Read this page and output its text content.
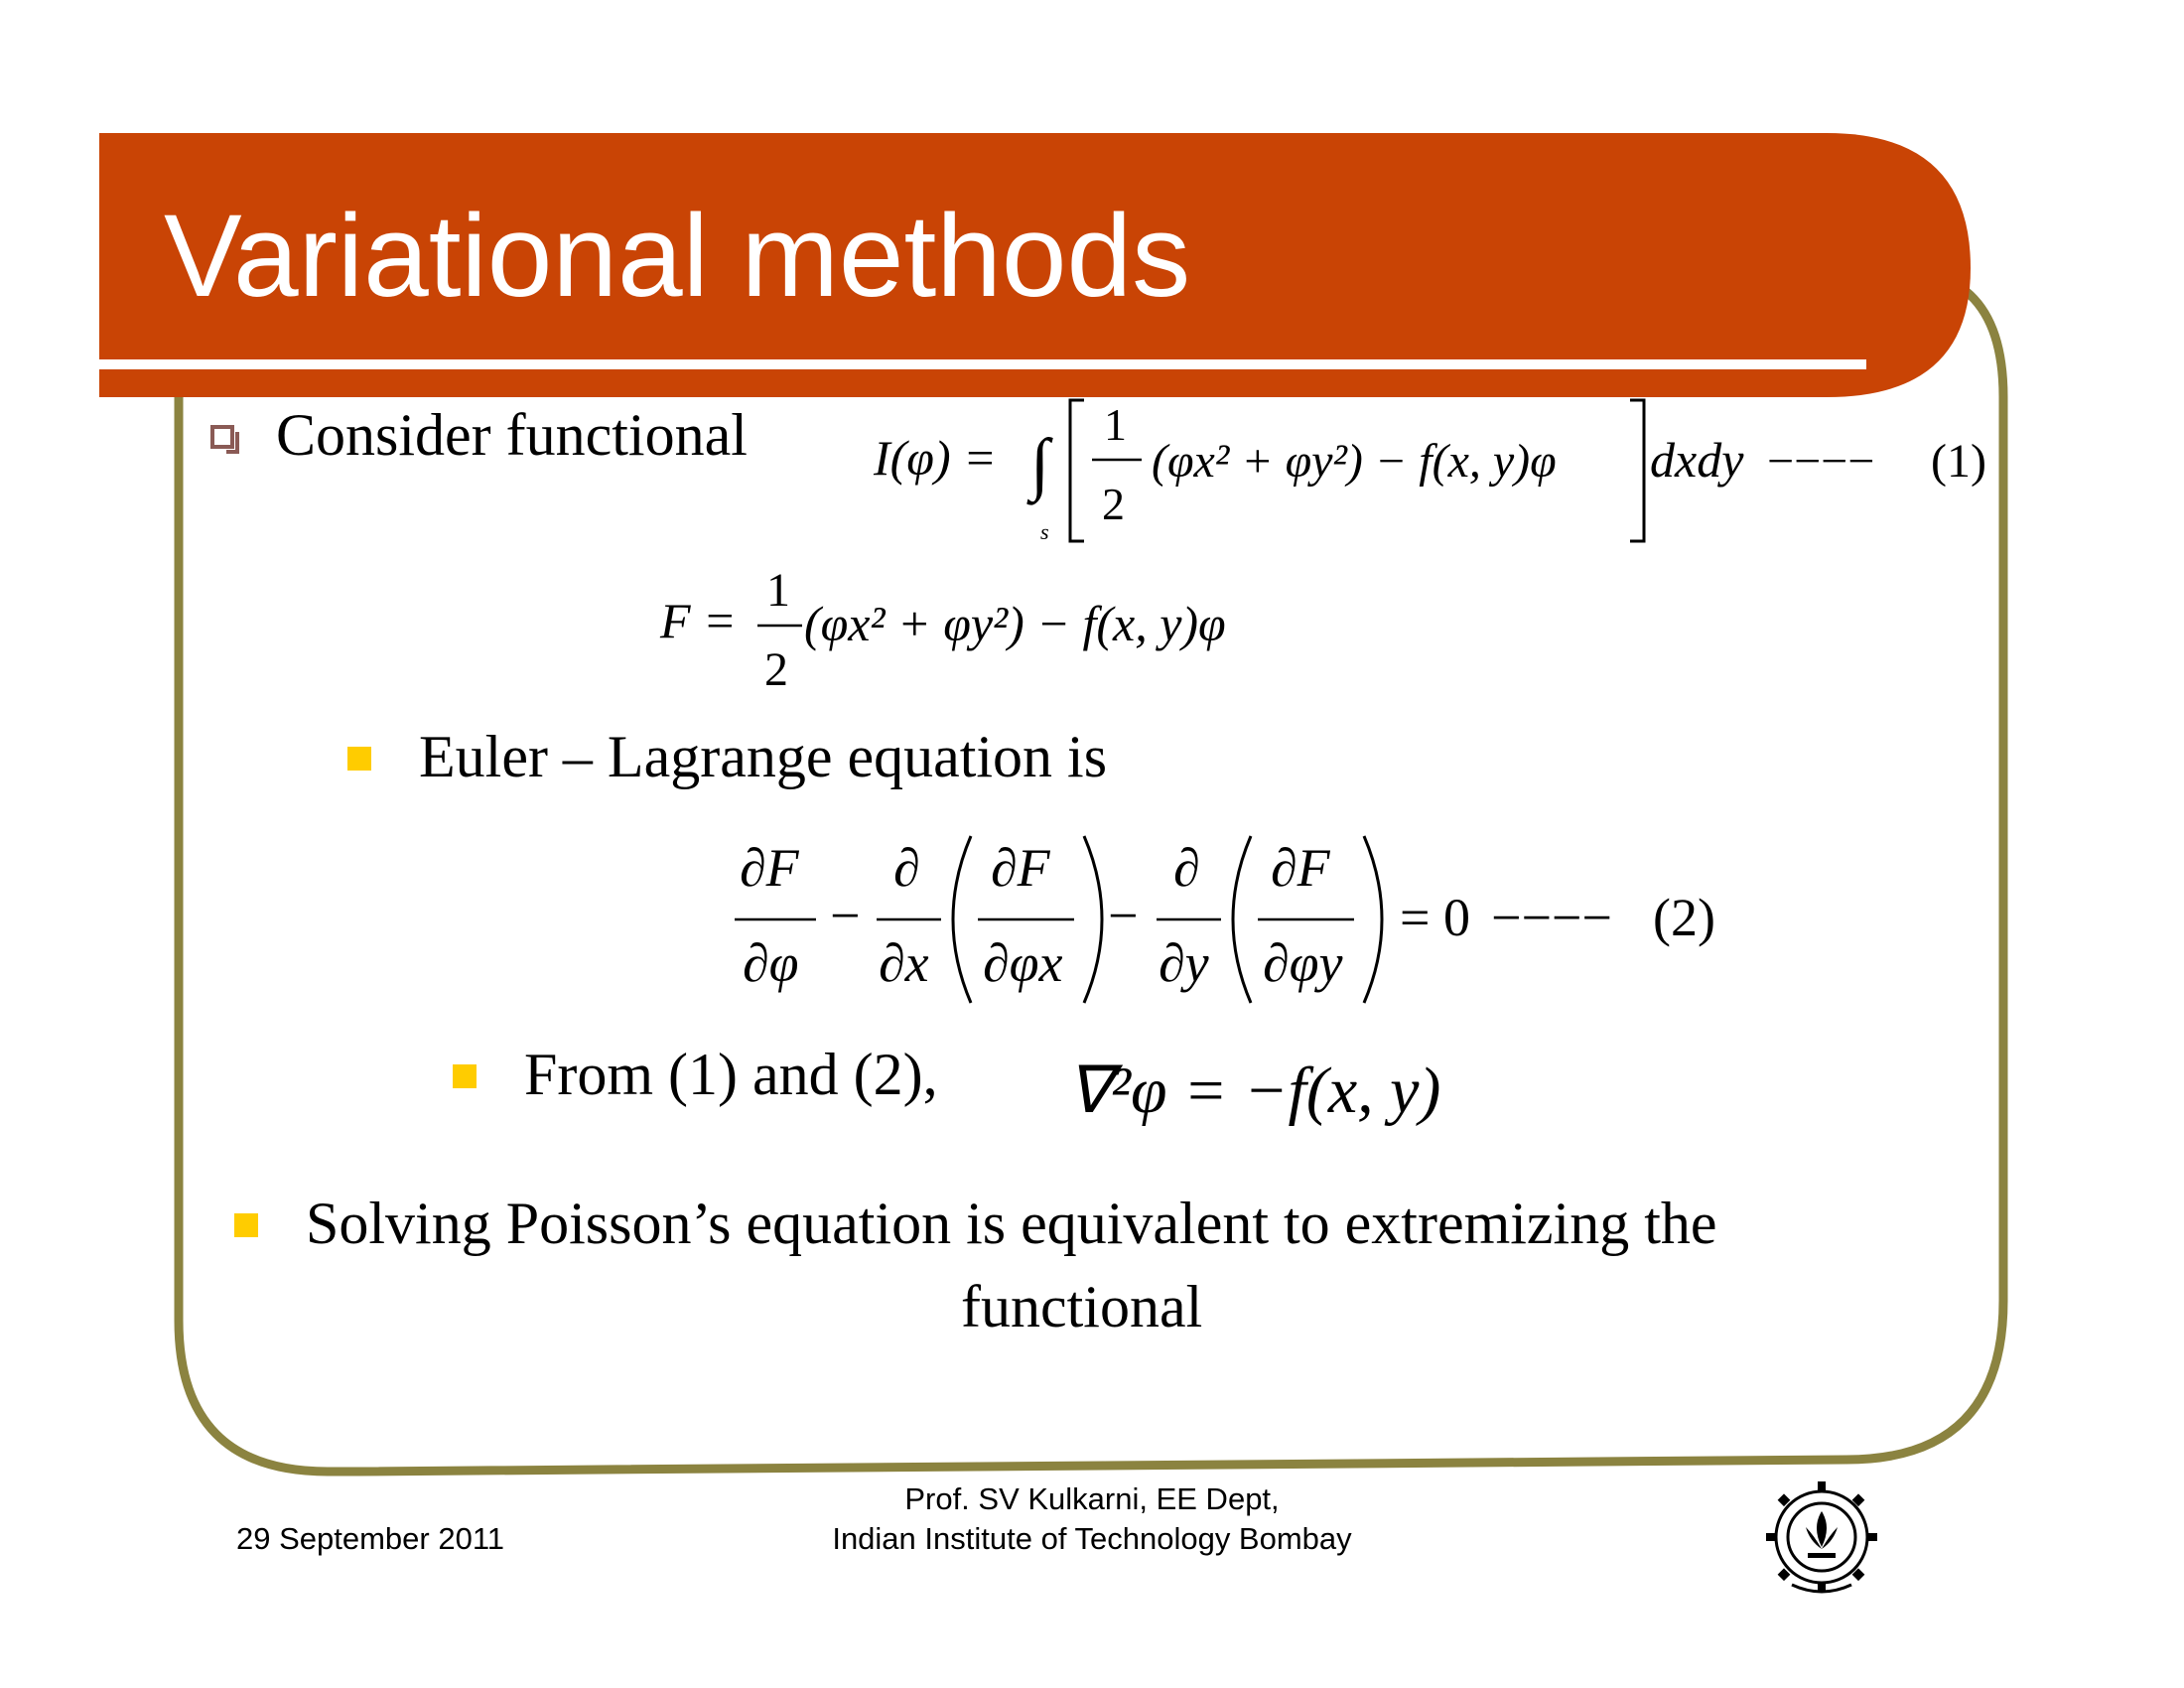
Variational methods
Consider functional	I(φ) = ∫
s
1
2
(φx² + φy²) − f(x, y)φ dxdy −−−− (1)
F =
1
2
(φx² + φy²) − f(x, y)φ
Euler – Lagrange equation is
∂F
∂φ
−
∂
∂x
∂F
∂φx
−
∂
∂y
∂F
∂φy
= 0 −−−− (2)
From (1) and (2), ∇²φ = −f(x, y)
Solving Poisson’s equation is equivalent to extremizing the
functional
29 September 2011
Prof. SV Kulkarni, EE Dept,
Indian Institute of Technology Bombay
